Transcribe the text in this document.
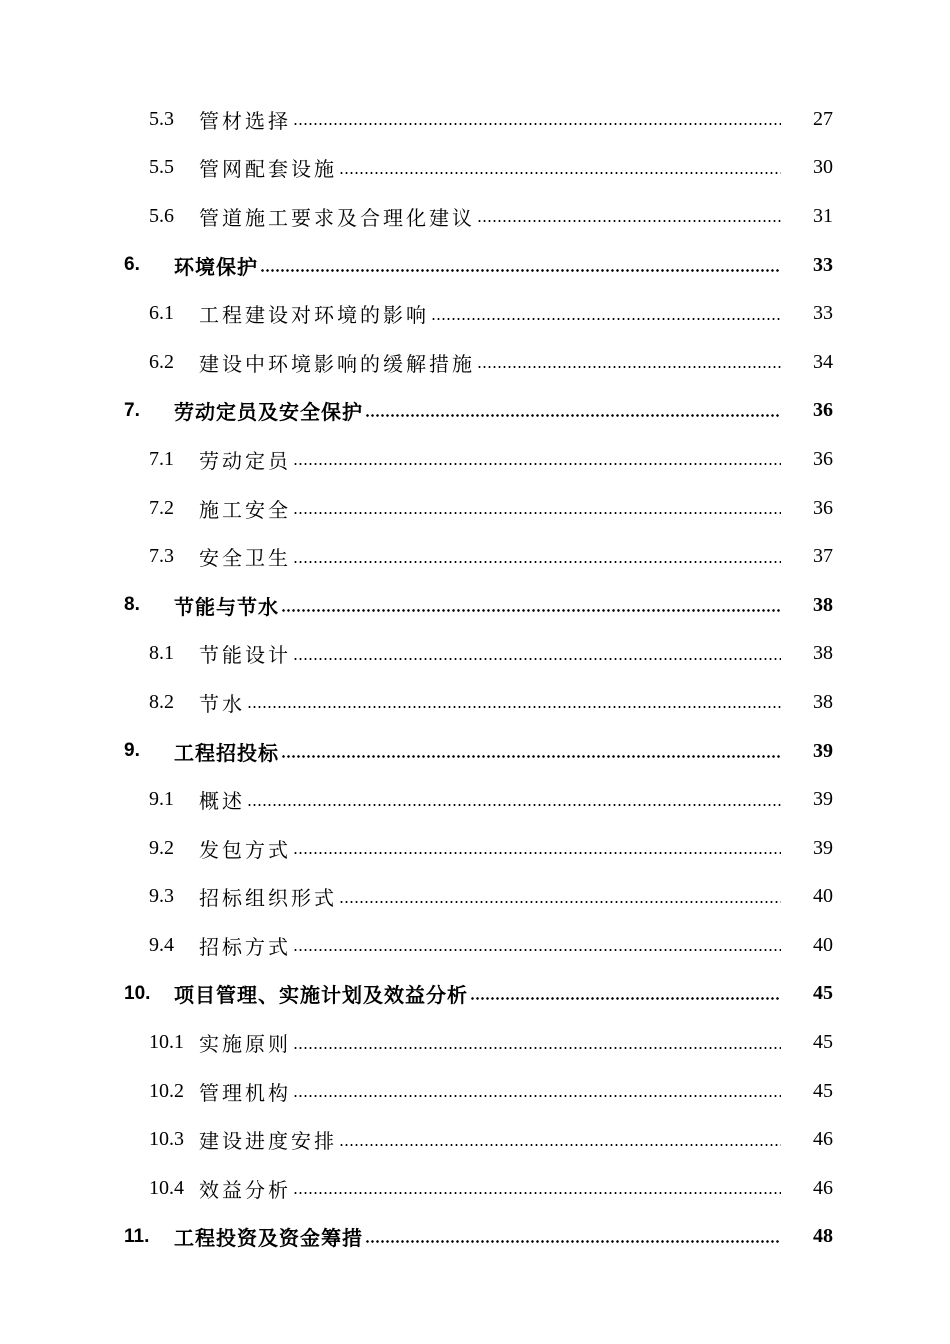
5.3	管材选择	27
5.5	管网配套设施	30
5.6	管道施工要求及合理化建议	31
6.	环境保护	33
6.1	工程建设对环境的影响	33
6.2	建设中环境影响的缓解措施	34
7.	劳动定员及安全保护	36
7.1	劳动定员	36
7.2	施工安全	36
7.3	安全卫生	37
8.	节能与节水	38
8.1	节能设计	38
8.2	节水	38
9.	工程招投标	39
9.1	概述	39
9.2	发包方式	39
9.3	招标组织形式	40
9.4	招标方式	40
10.	项目管理、实施计划及效益分析	45
10.1 实施原则	45
10.2 管理机构	45
10.3 建设进度安排	46
10.4 效益分析	46
11.	工程投资及资金筹措	48
